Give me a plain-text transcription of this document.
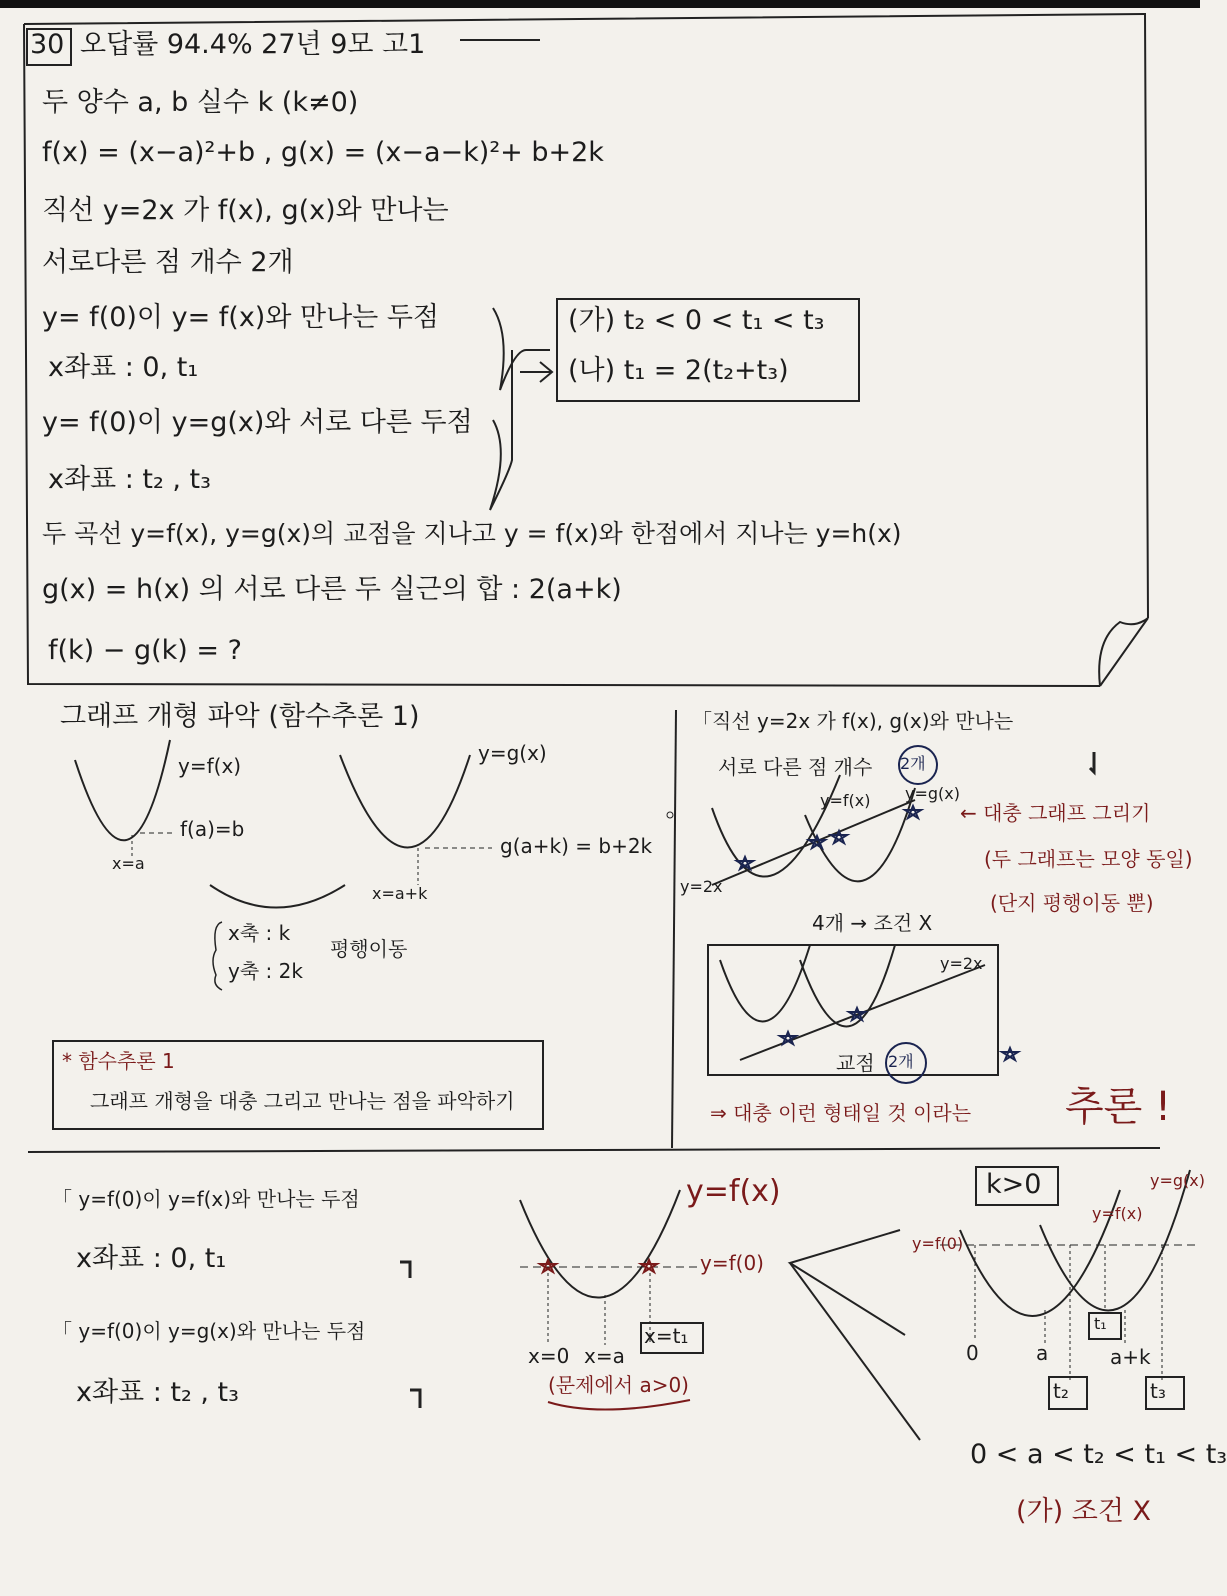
30 오답률 94.4% 27년 9모 고1
두 양수 a, b 실수 k (k≠0)
f(x) = (x−a)²+b , g(x) = (x−a−k)²+ b+2k
직선 y=2x 가 f(x), g(x)와 만나는
서로다른 점 개수 2개
y= f(0)이 y= f(x)와 만나는 두점
x좌표 : 0, t₁
y= f(0)이 y=g(x)와 서로 다른 두점
x좌표 : t₂ , t₃
두 곡선 y=f(x), y=g(x)의 교점을 지나고 y = f(x)와 한점에서 지나는 y=h(x)
g(x) = h(x) 의 서로 다른 두 실근의 합 : 2(a+k)
f(k) − g(k) = ?
(가) t₂ < 0 < t₁ < t₃
(나) t₁ = 2(t₂+t₃)
그래프 개형 파악 (함수추론 1)
y=f(x)
f(a)=b
x=a
y=g(x)
g(a+k) = b+2k
x=a+k
x축 : k
y축 : 2k
평행이동
* 함수추론 1
그래프 개형을 대충 그리고 만나는 점을 파악하기
「직선 y=2x 가 f(x), g(x)와 만나는
서로 다른 점 개수 2개
y=f(x) y=g(x)
y=2x
← 대충 그래프 그리기
(두 그래프는 모양 동일)
(단지 평행이동 뿐)
4개 → 조건 X
y=2x
교점 2개
⇒ 대충 이런 형태일 것 이라는 추론 !
「 y=f(0)이 y=f(x)와 만나는 두점
x좌표 : 0, t₁
「 y=f(0)이 y=g(x)와 만나는 두점
x좌표 : t₂ , t₃
y=f(x)
y=f(0)
x=0 x=a
x=t₁
(문제에서 a>0)
k>0	y=g(x)
y=f(x)
y=f(0)
0	a
t₁
a+k
t₂	t₃
0 < a < t₂ < t₁ < t₃
(가) 조건 X
